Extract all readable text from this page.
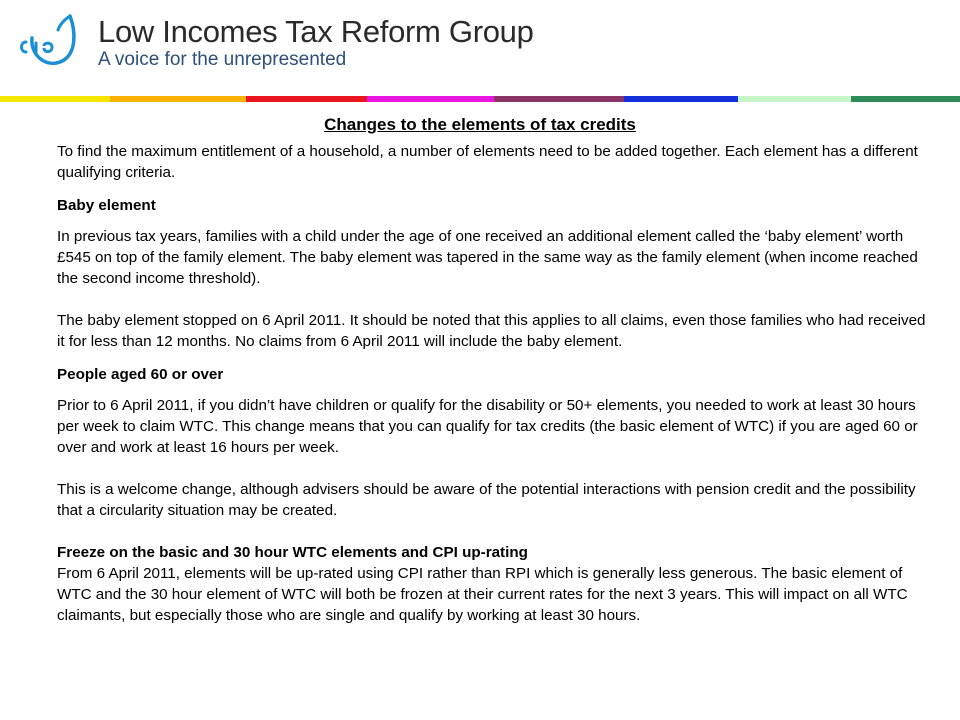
Low Incomes Tax Reform Group
A voice for the unrepresented
Changes to the elements of tax credits

To find the maximum entitlement of a household, a number of elements need to be added together. Each element has a different qualifying criteria.

Baby element

In previous tax years, families with a child under the age of one received an additional element called the ‘baby element’ worth £545 on top of the family element. The baby element was tapered in the same way as the family element (when income reached the second income threshold).

The baby element stopped on 6 April 2011. It should be noted that this applies to all claims, even those families who had received it for less than 12 months. No claims from 6 April 2011 will include the baby element.

People aged 60 or over

Prior to 6 April 2011, if you didn’t have children or qualify for the disability or 50+ elements, you needed to work at least 30 hours per week to claim WTC. This change means that you can qualify for tax credits (the basic element of WTC) if you are aged 60 or over and work at least 16 hours per week.

This is a welcome change, although advisers should be aware of the potential interactions with pension credit and the possibility that a circularity situation may be created.

Freeze on the basic and 30 hour WTC elements and CPI up-rating

From 6 April 2011, elements will be up-rated using CPI rather than RPI which is generally less generous. The basic element of WTC and the 30 hour element of WTC will both be frozen at their current rates for the next 3 years. This will impact on all WTC claimants, but especially those who are single and qualify by working at least 30 hours.
